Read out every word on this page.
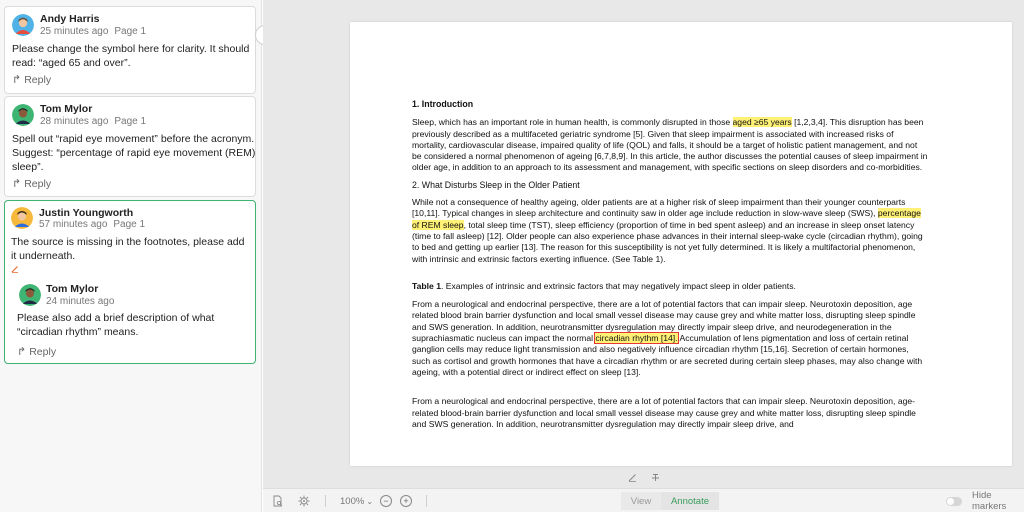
Andy Harris
25 minutes ago Page 1
Please change the symbol here for clarity. It should read: “aged 65 and over”.
↱ Reply
Tom Mylor
28 minutes ago Page 1
Spell out “rapid eye movement” before the acronym. Suggest: “percentage of rapid eye movement (REM) sleep”.
↱ Reply
Justin Youngworth
57 minutes ago Page 1
The source is missing in the footnotes, please add it underneath.
Tom Mylor
24 minutes ago
Please also add a brief description of what “circadian rhythm” means.
↱ Reply
1. Introduction

Sleep, which has an important role in human health, is commonly disrupted in those aged ≥65 years [1,2,3,4]. This disruption has been previously described as a multifaceted geriatric syndrome [5]. Given that sleep impairment is associated with increased risks of mortality, cardiovascular disease, impaired quality of life (QOL) and falls, it should be a target of holistic patient management, and not be considered a normal phenomenon of ageing [6,7,8,9]. In this article, the author discusses the potential causes of sleep impairment in older age, in addition to an approach to its assessment and management, with specific sections on sleep disorders and co-morbidities.

2. What Disturbs Sleep in the Older Patient

While not a consequence of healthy ageing, older patients are at a higher risk of sleep impairment than their younger counterparts [10,11]. Typical changes in sleep architecture and continuity saw in older age include reduction in slow-wave sleep (SWS), percentage of REM sleep, total sleep time (TST), sleep efficiency (proportion of time in bed spent asleep) and an increase in sleep onset latency (time to fall asleep) [12]. Older people can also experience phase advances in their internal sleep-wake cycle (circadian rhythm), going to bed and getting up earlier [13]. The reason for this susceptibility is not yet fully determined. It is likely a multifactorial phenomenon, with intrinsic and extrinsic factors exerting influence. (See Table 1).

Table 1. Examples of intrinsic and extrinsic factors that may negatively impact sleep in older patients.

From a neurological and endocrinal perspective, there are a lot of potential factors that can impair sleep. Neurotoxin deposition, age related blood brain barrier dysfunction and local small vessel disease may cause grey and white matter loss, disrupting sleep spindle and SWS generation. In addition, neurotransmitter dysregulation may directly impair sleep drive, and neurodegeneration in the suprachiasmatic nucleus can impact the normal circadian rhythm [14]. Accumulation of lens pigmentation and loss of certain retinal ganglion cells may reduce light transmission and also negatively influence circadian rhythm [15,16]. Secretion of certain hormones, such as cortisol and growth hormones that have a circadian rhythm or are secreted during certain sleep phases, may also change with ageing, with a potential direct or indirect effect on sleep [13].

From a neurological and endocrinal perspective, there are a lot of potential factors that can impair sleep. Neurotoxin deposition, age-related blood-brain barrier dysfunction and local small vessel disease may cause grey and white matter loss, disrupting sleep spindle and SWS generation. In addition, neurotransmitter dysregulation may directly impair sleep drive, and

100% ⌄	−	+	View	Annotate	Hide markers
